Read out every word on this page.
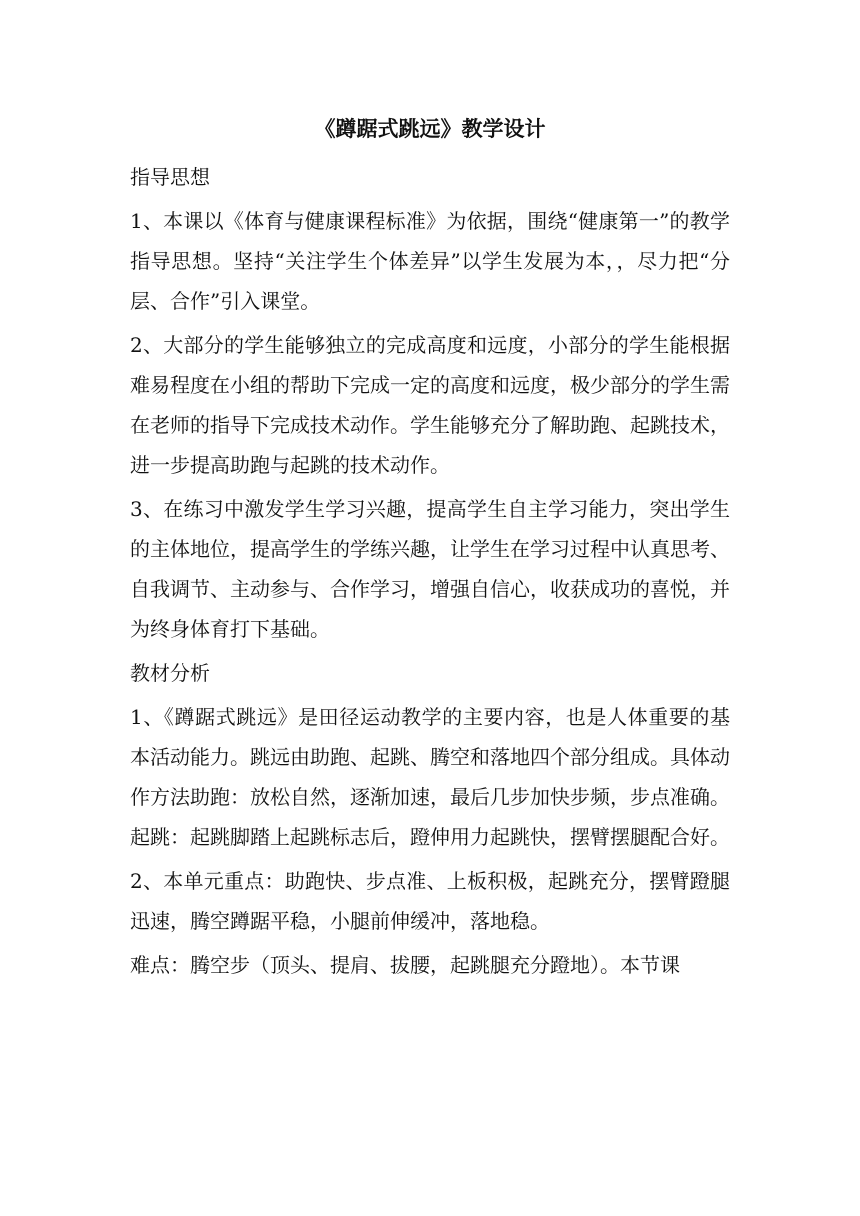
《蹲踞式跳远》教学设计

指导思想

1、本课以《体育与健康课程标准》为依据，围绕“健康第一”的教学指导思想。坚持“关注学生个体差异”以学生发展为本，，尽力把“分层、合作”引入课堂。

2、大部分的学生能够独立的完成高度和远度，小部分的学生能根据难易程度在小组的帮助下完成一定的高度和远度，极少部分的学生需在老师的指导下完成技术动作。学生能够充分了解助跑、起跳技术，进一步提高助跑与起跳的技术动作。

3、在练习中激发学生学习兴趣，提高学生自主学习能力，突出学生的主体地位，提高学生的学练兴趣，让学生在学习过程中认真思考、自我调节、主动参与、合作学习，增强自信心，收获成功的喜悦，并为终身体育打下基础。

教材分析

1、《蹲踞式跳远》是田径运动教学的主要内容，也是人体重要的基本活动能力。跳远由助跑、起跳、腾空和落地四个部分组成。具体动作方法助跑：放松自然，逐渐加速，最后几步加快步频，步点准确。起跳：起跳脚踏上起跳标志后，蹬伸用力起跳快，摆臂摆腿配合好。

2、本单元重点：助跑快、步点准、上板积极，起跳充分，摆臂蹬腿迅速，腾空蹲踞平稳，小腿前伸缓冲，落地稳。

难点：腾空步（顶头、提肩、拔腰，起跳腿充分蹬地）。本节课
